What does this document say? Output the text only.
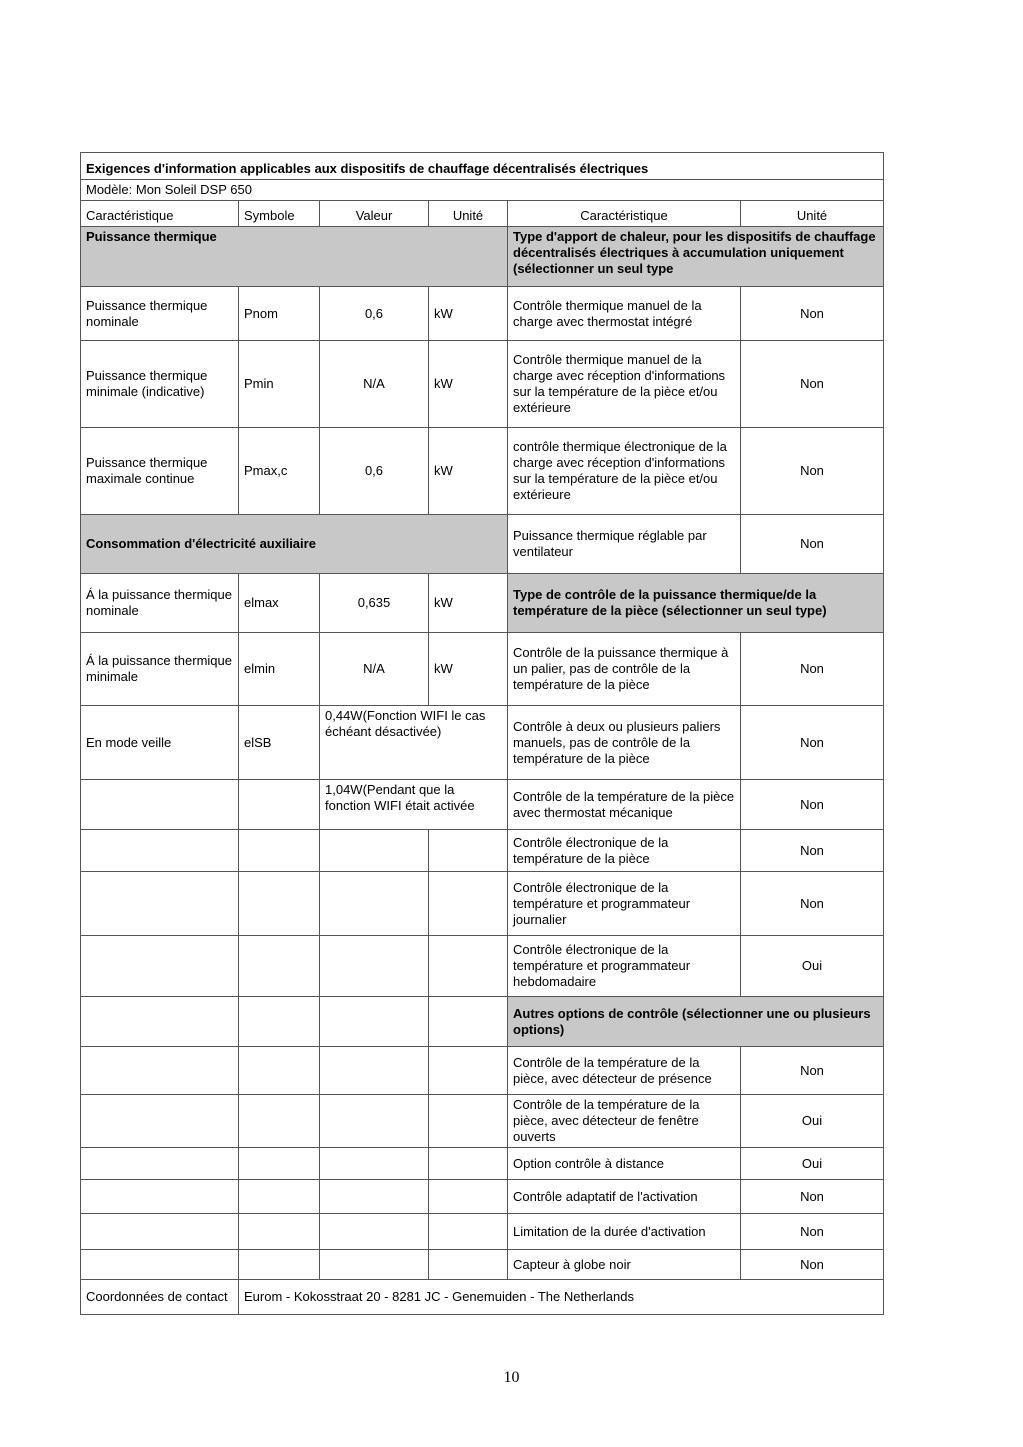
Exigences d'information applicables aux dispositifs de chauffage décentralisés électriques					
Modèle: Mon Soleil DSP 650					
Caractéristique	Symbole	Valeur	Unité	Caractéristique	Unité
Puissance thermique				Type d'apport de chaleur, pour les dispositifs de chauffage décentralisés électriques à accumulation uniquement (sélectionner un seul type	
Puissance thermique nominale	Pnom	0,6	kW	Contrôle thermique manuel de la charge avec thermostat intégré	Non
Puissance thermique minimale (indicative)	Pmin	N/A	kW	Contrôle thermique manuel de la charge avec réception d'informations sur la température de la pièce et/ou extérieure	Non
Puissance thermique maximale continue	Pmax,c	0,6	kW	contrôle thermique électronique de la charge avec réception d'informations sur la température de la pièce et/ou extérieure	Non
Consommation d'électricité auxiliaire				Puissance thermique réglable par ventilateur	Non
Á la puissance thermique nominale	elmax	0,635	kW	Type de contrôle de la puissance thermique/de la température de la pièce (sélectionner un seul type)	
Á la puissance thermique minimale	elmin	N/A	kW	Contrôle de la puissance thermique à un palier, pas de contrôle de la température de la pièce	Non
En mode veille	elSB	0,44W(Fonction WIFI le cas échéant désactivée)		Contrôle à deux ou plusieurs paliers manuels, pas de contrôle de la température de la pièce	Non
		1,04W(Pendant que la fonction WIFI était activée		Contrôle de la température de la pièce avec thermostat mécanique	Non
				Contrôle électronique de la température de la pièce	Non
				Contrôle électronique de la température et programmateur journalier	Non
				Contrôle électronique de la température et programmateur hebdomadaire	Oui
				Autres options de contrôle (sélectionner une ou plusieurs options)	
				Contrôle de la température de la pièce, avec détecteur de présence	Non
				Contrôle de la température de la pièce, avec détecteur de fenêtre ouverts	Oui
				Option contrôle à distance	Oui
				Contrôle adaptatif de l'activation	Non
				Limitation de la durée d'activation	Non
				Capteur à globe noir	Non
Coordonnées de contact	Eurom - Kokosstraat 20 - 8281 JC - Genemuiden - The Netherlands				
10
